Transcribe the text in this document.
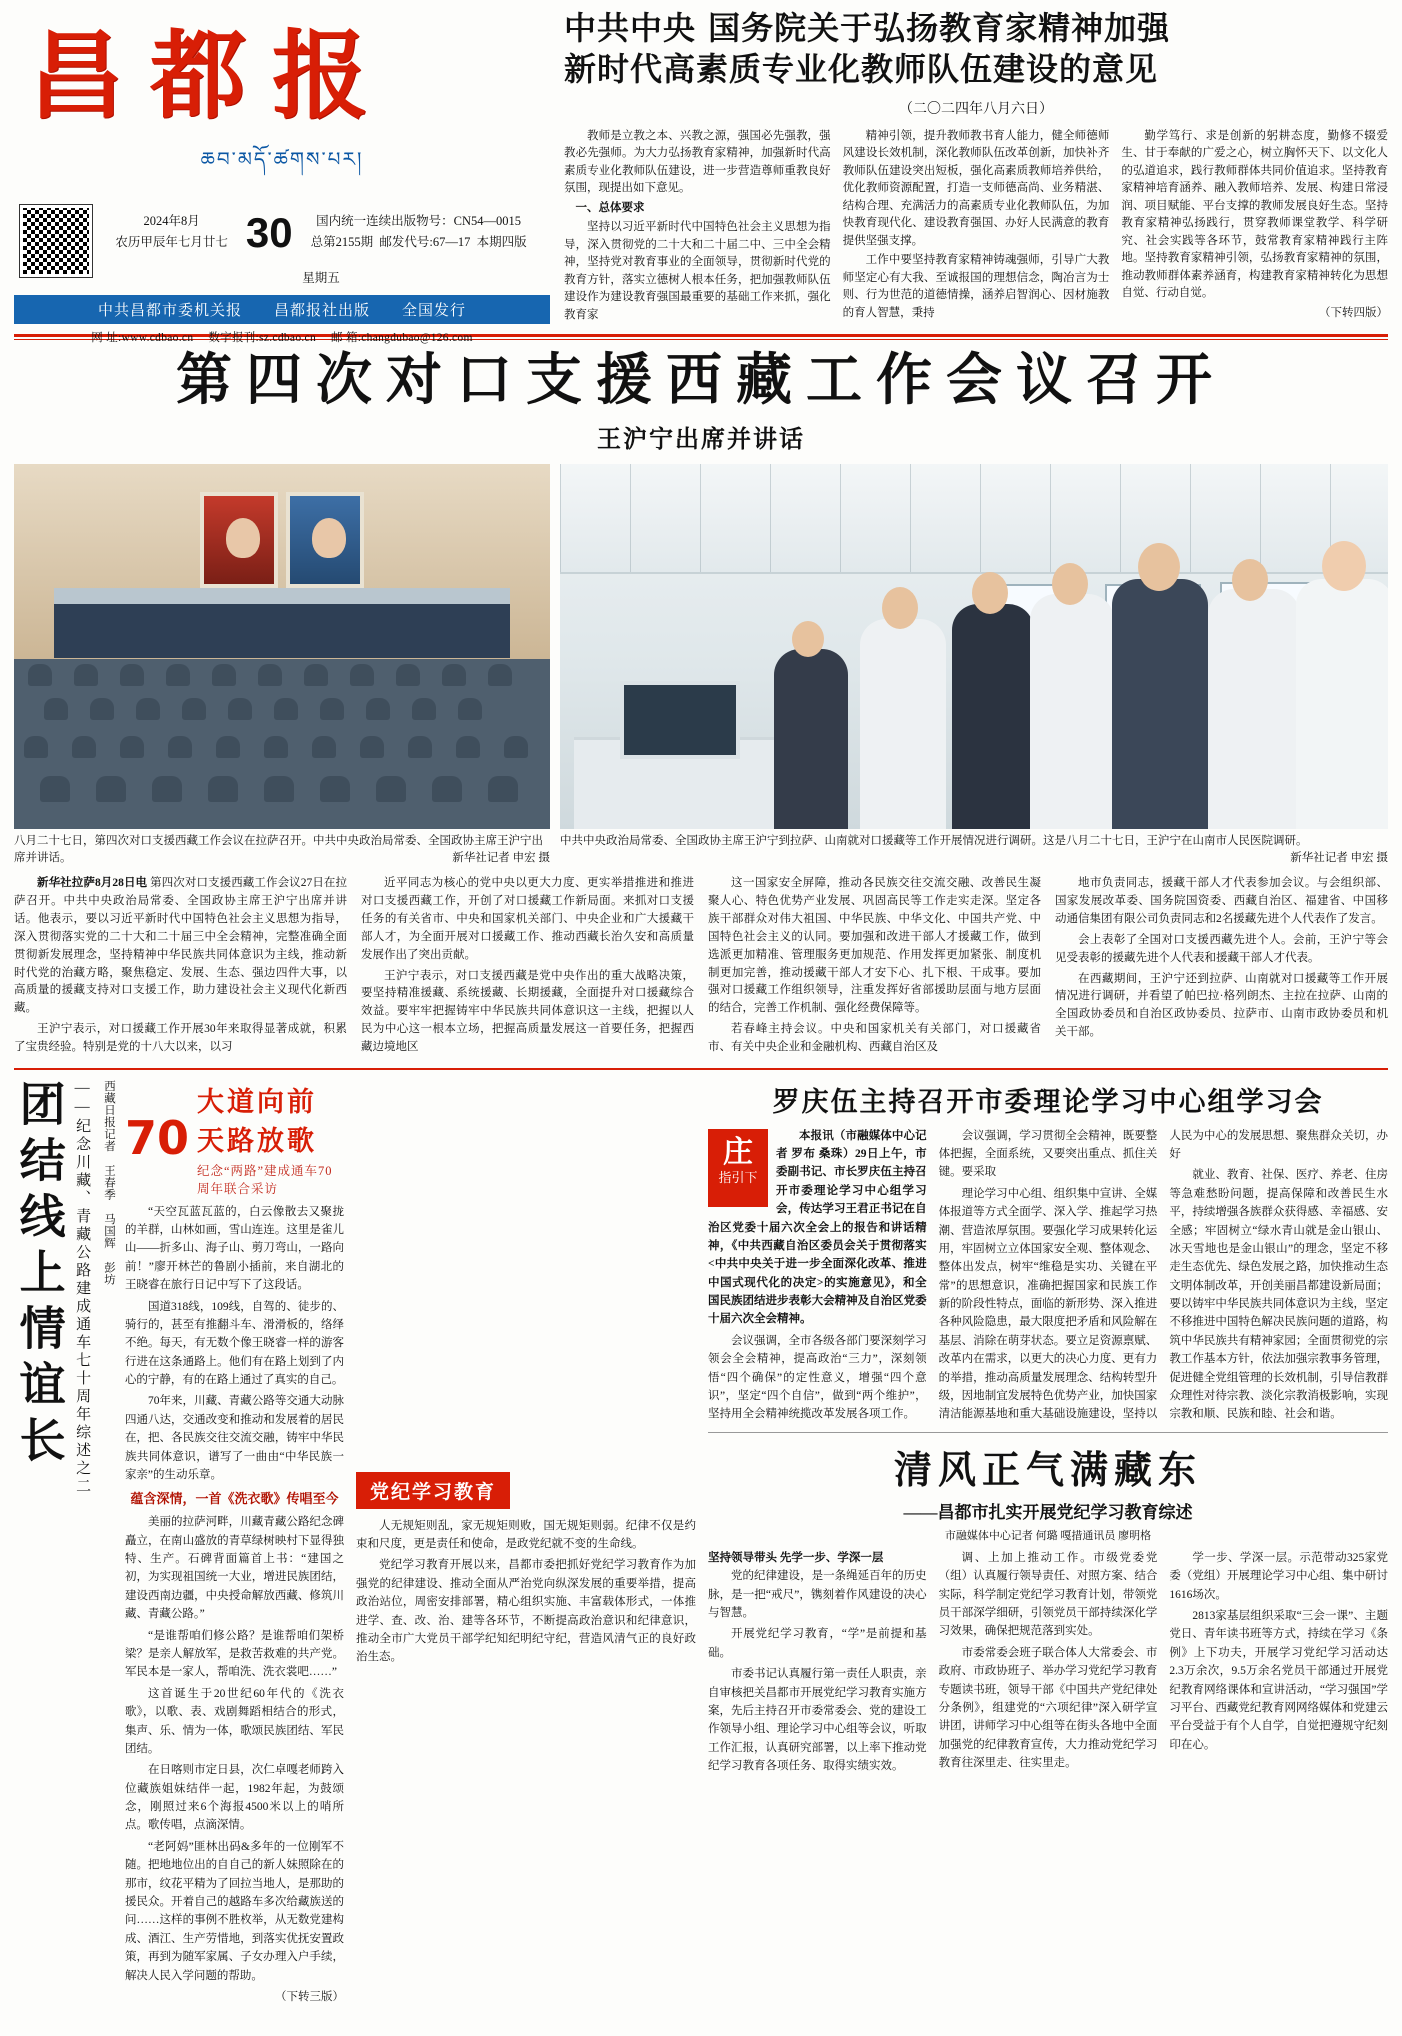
昌都报
ཆབ་མདོ་ཚགས་པར།
2024年8月
农历甲辰年七月廿七 30	国内统一连续出版物号：CN54—0015
总第2155期 邮发代号:67—17 本期四版
星期五
中共昌都市委机关报　　昌都报社出版　　全国发行
网 址:www.cdbao.cn　 数字报刊:sz.cdbao.cn　 邮 箱:changdubao@126.com
中共中央 国务院关于弘扬教育家精神加强
新时代高素质专业化教师队伍建设的意见
（二〇二四年八月六日）

教师是立教之本、兴教之源，强国必先强教，强教必先强师。为大力弘扬教育家精神，加强新时代高素质专业化教师队伍建设，进一步营造尊师重教良好氛围，现提出如下意见。

一、总体要求

坚持以习近平新时代中国特色社会主义思想为指导，深入贯彻党的二十大和二十届二中、三中全会精神，坚持党对教育事业的全面领导，贯彻新时代党的教育方针，落实立德树人根本任务，把加强教师队伍建设作为建设教育强国最重要的基础工作来抓，强化教育家

精神引领，提升教师教书育人能力，健全师德师风建设长效机制，深化教师队伍改革创新，加快补齐教师队伍建设突出短板，强化高素质教师培养供给，优化教师资源配置，打造一支师德高尚、业务精湛、结构合理、充满活力的高素质专业化教师队伍，为加快教育现代化、建设教育强国、办好人民满意的教育提供坚强支撑。

工作中要坚持教育家精神铸魂强师，引导广大教师坚定心有大我、至诚报国的理想信念，陶冶言为士则、行为世范的道德情操，涵养启智润心、因材施教的育人智慧，秉持

勤学笃行、求是创新的躬耕态度，勤修不辍爱生、甘于奉献的广爱之心，树立胸怀天下、以文化人的弘道追求，践行教师群体共同价值追求。坚持教育家精神培育涵养、融入教师培养、发展、构建日常浸润、项目赋能、平台支撑的教师发展良好生态。坚持教育家精神弘扬践行，贯穿教师课堂教学、科学研究、社会实践等各环节，鼓常教育家精神践行主阵地。坚持教育家精神引领，弘扬教育家精神的氛围，推动教师群体素养涵育，构建教育家精神转化为思想自觉、行动自觉。

（下转四版）
第四次对口支援西藏工作会议召开
王沪宁出席并讲话
八月二十七日，第四次对口支援西藏工作会议在拉萨召开。中共中央政治局常委、全国政协主席王沪宁出席并讲话。	新华社记者 申宏 摄
中共中央政治局常委、全国政协主席王沪宁到拉萨、山南就对口援藏等工作开展情况进行调研。这是八月二十七日，王沪宁在山南市人民医院调研。
新华社记者 申宏 摄

新华社拉萨8月28日电 第四次对口支援西藏工作会议27日在拉萨召开。中共中央政治局常委、全国政协主席王沪宁出席并讲话。他表示，要以习近平新时代中国特色社会主义思想为指导，深入贯彻落实党的二十大和二十届三中全会精神，完整准确全面贯彻新发展理念，坚持精神中华民族共同体意识为主线，推动新时代党的治藏方略，聚焦稳定、发展、生态、强边四件大事，以高质量的援藏支持对口支援工作，助力建设社会主义现代化新西藏。

王沪宁表示，对口援藏工作开展30年来取得显著成就，积累了宝贵经验。特别是党的十八大以来，以习

近平同志为核心的党中央以更大力度、更实举措推进和推进对口支援西藏工作，开创了对口援藏工作新局面。来抓对口支援任务的有关省市、中央和国家机关部门、中央企业和广大援藏干部人才，为全面开展对口援藏工作、推动西藏长治久安和高质量发展作出了突出贡献。

王沪宁表示，对口支援西藏是党中央作出的重大战略决策，要坚持精准援藏、系统援藏、长期援藏，全面提升对口援藏综合效益。要牢牢把握铸牢中华民族共同体意识这一主线，把握以人民为中心这一根本立场，把握高质量发展这一首要任务，把握西藏边境地区

这一国家安全屏障，推动各民族交往交流交融、改善民生凝聚人心、特色优势产业发展、巩固高民等工作走实走深。坚定各族干部群众对伟大祖国、中华民族、中华文化、中国共产党、中国特色社会主义的认同。要加强和改进干部人才援藏工作，做到选派更加精准、管理服务更加规范、作用发挥更加紧张、制度机制更加完善，推动援藏干部人才安下心、扎下根、干成事。要加强对口援藏工作组织领导，注重发挥好省部援助层面与地方层面的结合，完善工作机制、强化经费保障等。

若春峰主持会议。中央和国家机关有关部门，对口援藏省市、有关中央企业和金融机构、西藏自治区及

地市负责同志，援藏干部人才代表参加会议。与会组织部、国家发展改革委、国务院国资委、西藏自治区、福建省、中国移动通信集团有限公司负责同志和2名援藏先进个人代表作了发言。

会上表彰了全国对口支援西藏先进个人。会前，王沪宁等会见受表彰的援藏先进个人代表和援藏干部人才代表。

在西藏期间，王沪宁还到拉萨、山南就对口援藏等工作开展情况进行调研，并看望了帕巴拉·格列朗杰、主拉在拉萨、山南的全国政协委员和自治区政协委员、拉萨市、山南市政协委员和机关干部。

团结线上情谊长 ——纪念川藏、青藏公路建成通车七十周年综述之二	西藏日报记者 王春季 马国辉 彭坊 70
大道向前 天路放歌
纪念“两路”建成通车70周年联合采访

“天空瓦蓝瓦蓝的，白云像散去又聚拢的羊群，山林如画，雪山连连。这里是雀儿山——折多山、海子山、剪刀弯山，一路向前！”廖开林芒的鲁剧小插前，来自湖北的王晓睿在旅行日记中写下了这段话。

国道318线，109线，自驾的、徒步的、骑行的，甚至有推翻斗车、滑滑板的，络绎不绝。每天，有无数个像王晓睿一样的游客行进在这条通路上。他们有在路上划到了内心的宁静，有的在路上通过了真实的自己。

70年来，川藏、青藏公路等交通大动脉四通八达，交通改变和推动和发展着的居民在，把、各民族交往交流交融，铸牢中华民族共同体意识，谱写了一曲由“中华民族一家亲”的生动乐章。

蕴含深情，一首《洗衣歌》传唱至今

美丽的拉萨河畔，川藏青藏公路纪念碑矗立，在南山盛放的青草绿树映村下显得独特、生产。石碑背面篇首上书：“建国之初，为实现祖国统一大业，增进民族团结，建设西南边疆，中央授命解放西藏、修筑川藏、青藏公路。”

“是谁帮咱们修公路？是谁帮咱们架桥梁？是亲人解放军，是救苦救难的共产党。军民本是一家人，帮咱洗、洗衣裳吧……”

这首诞生于20世纪60年代的《洗衣歌》，以歌、表、戏剧舞蹈相结合的形式，集声、乐、情为一体，歌颂民族团结、军民团结。

在日喀则市定日县，次仁卓嘎老师跨入位藏族姐妹结伴一起，1982年起，为鼓颂念，刚照过来6个海报4500米以上的哨所点。歌传唱，点滴深情。

“老阿妈”匪林出码&多年的一位刚军不随。把地地位出的自自己的新人妹照除在的那市，纹花平精为了回拉当地人，是那助的援民众。开着自己的越路车多次给藏族送的问……这样的事例不胜枚举，从无数党建构成、酒江、生产劳惜地，到落实优抚安置政策，再到为随军家属、子女办理入户手续，解决人民入学问题的帮助。

（下转三版）
党纪学习教育

人无规矩则乱，家无规矩则败，国无规矩则弱。纪律不仅是约束和尺度，更是责任和使命，是政党纪就不变的生命线。

党纪学习教育开展以来，昌都市委把抓好党纪学习教育作为加强党的纪律建设、推动全面从严治党向纵深发展的重要举措，提高政治站位，周密安排部署，精心组织实施、丰富载体形式，一体推进学、查、改、治、建等各环节，不断提高政治意识和纪律意识，推动全市广大党员干部学纪知纪明纪守纪，营造风清气正的良好政治生态。

罗庆伍主持召开市委理论学习中心组学习会
庄
指引下

本报讯（市融媒体中心记者 罗布 桑珠）29日上午，市委副书记、市长罗庆伍主持召开市委理论学习中心组学习会，传达学习王君正书记在自治区党委十届六次全会上的报告和讲话精神，《中共西藏自治区委员会关于贯彻落实<中共中央关于进一步全面深化改革、推进中国式现代化的决定>的实施意见》，和全国民族团结进步表彰大会精神及自治区党委十届六次全会精神。

会议强调，全市各级各部门要深刻学习领会全会精神，提高政治“三力”，深刻领悟“四个确保”的定性意义，增强“四个意识”，坚定“四个自信”，做到“两个维护”，坚持用全会精神统揽改革发展各项工作。

会议强调，学习贯彻全会精神，既要整体把握，全面系统，又要突出重点、抓住关键。要采取

理论学习中心组、组织集中宣讲、全媒体报道等方式全面学、深入学、推起学习热潮、营造浓厚氛围。要强化学习成果转化运用，牢固树立立体国家安全观、整体观念、整体出发点，树牢“维稳是实功、关键在平常”的思想意识，准确把握国家和民族工作新的阶段性特点，面临的新形势、深入推进各种风险隐患，最大限度把矛盾和风险解在基层、消除在萌芽状态。要立足资源禀赋、改革内在需求，以更大的决心力度、更有力的举措，推动高质量发展理念、结构转型升级，因地制宜发展特色优势产业，加快国家清洁能源基地和重大基础设施建设，坚持以人民为中心的发展思想、聚焦群众关切，办好

就业、教育、社保、医疗、养老、住房等急难愁盼问题，提高保障和改善民生水平，持续增强各族群众获得感、幸福感、安全感；牢固树立“绿水青山就是金山银山、冰天雪地也是金山银山”的理念，坚定不移走生态优先、绿色发展之路，加快推动生态文明体制改革，开创美丽昌都建设新局面；要以铸牢中华民族共同体意识为主线，坚定不移推进中国特色解决民族问题的道路，构筑中华民族共有精神家园；全面贯彻党的宗教工作基本方针，依法加强宗教事务管理，促进健全党组管理的长效机制，引导信教群众理性对待宗教、淡化宗教消极影响，实现宗教和顺、民族和睦、社会和谐。

清风正气满藏东
——昌都市扎实开展党纪学习教育综述
市融媒体中心记者 何璐 嘎措通讯员 廖明格
坚持领导带头 先学一步、学深一层

党的纪律建设，是一条绳延百年的历史脉，是一把“戒尺”，镌刻着作风建设的决心与智慧。

开展党纪学习教育，“学”是前提和基础。

市委书记认真履行第一责任人职责，亲自审核把关昌都市开展党纪学习教育实施方案，先后主持召开市委常委会、党的建设工作领导小组、理论学习中心组等会议，听取工作汇报，认真研究部署，以上率下推动党纪学习教育各项任务、取得实绩实效。

调、上加上推动工作。市级党委党（组）认真履行领导责任、对照方案、结合实际，科学制定党纪学习教育计划，带领党员干部深学细研，引领党员干部持续深化学习效果，确保把规范落到实处。

市委常委会班子联合体人大常委会、市政府、市政协班子、举办学习党纪学习教育专题读书班，领导干部《中国共产党纪律处分条例》，组建党的“六项纪律”深入研学宣讲团，讲师学习中心组等在街头各地中全面加强党的纪律教育宣传，大力推动党纪学习教育往深里走、往实里走。

学一步、学深一层。示范带动325家党委（党组）开展理论学习中心组、集中研讨1616场次。

2813家基层组织采取“三会一课”、主题党日、青年读书班等方式，持续在学习《条例》上下功夫，开展学习党纪学习活动达2.3万余次，9.5万余名党员干部通过开展党纪教育网络课体和宣讲活动，“学习强国”学习平台、西藏党纪教育网网络媒体和党建云平台受益于有个人自学，自觉把遵规守纪刻印在心。
